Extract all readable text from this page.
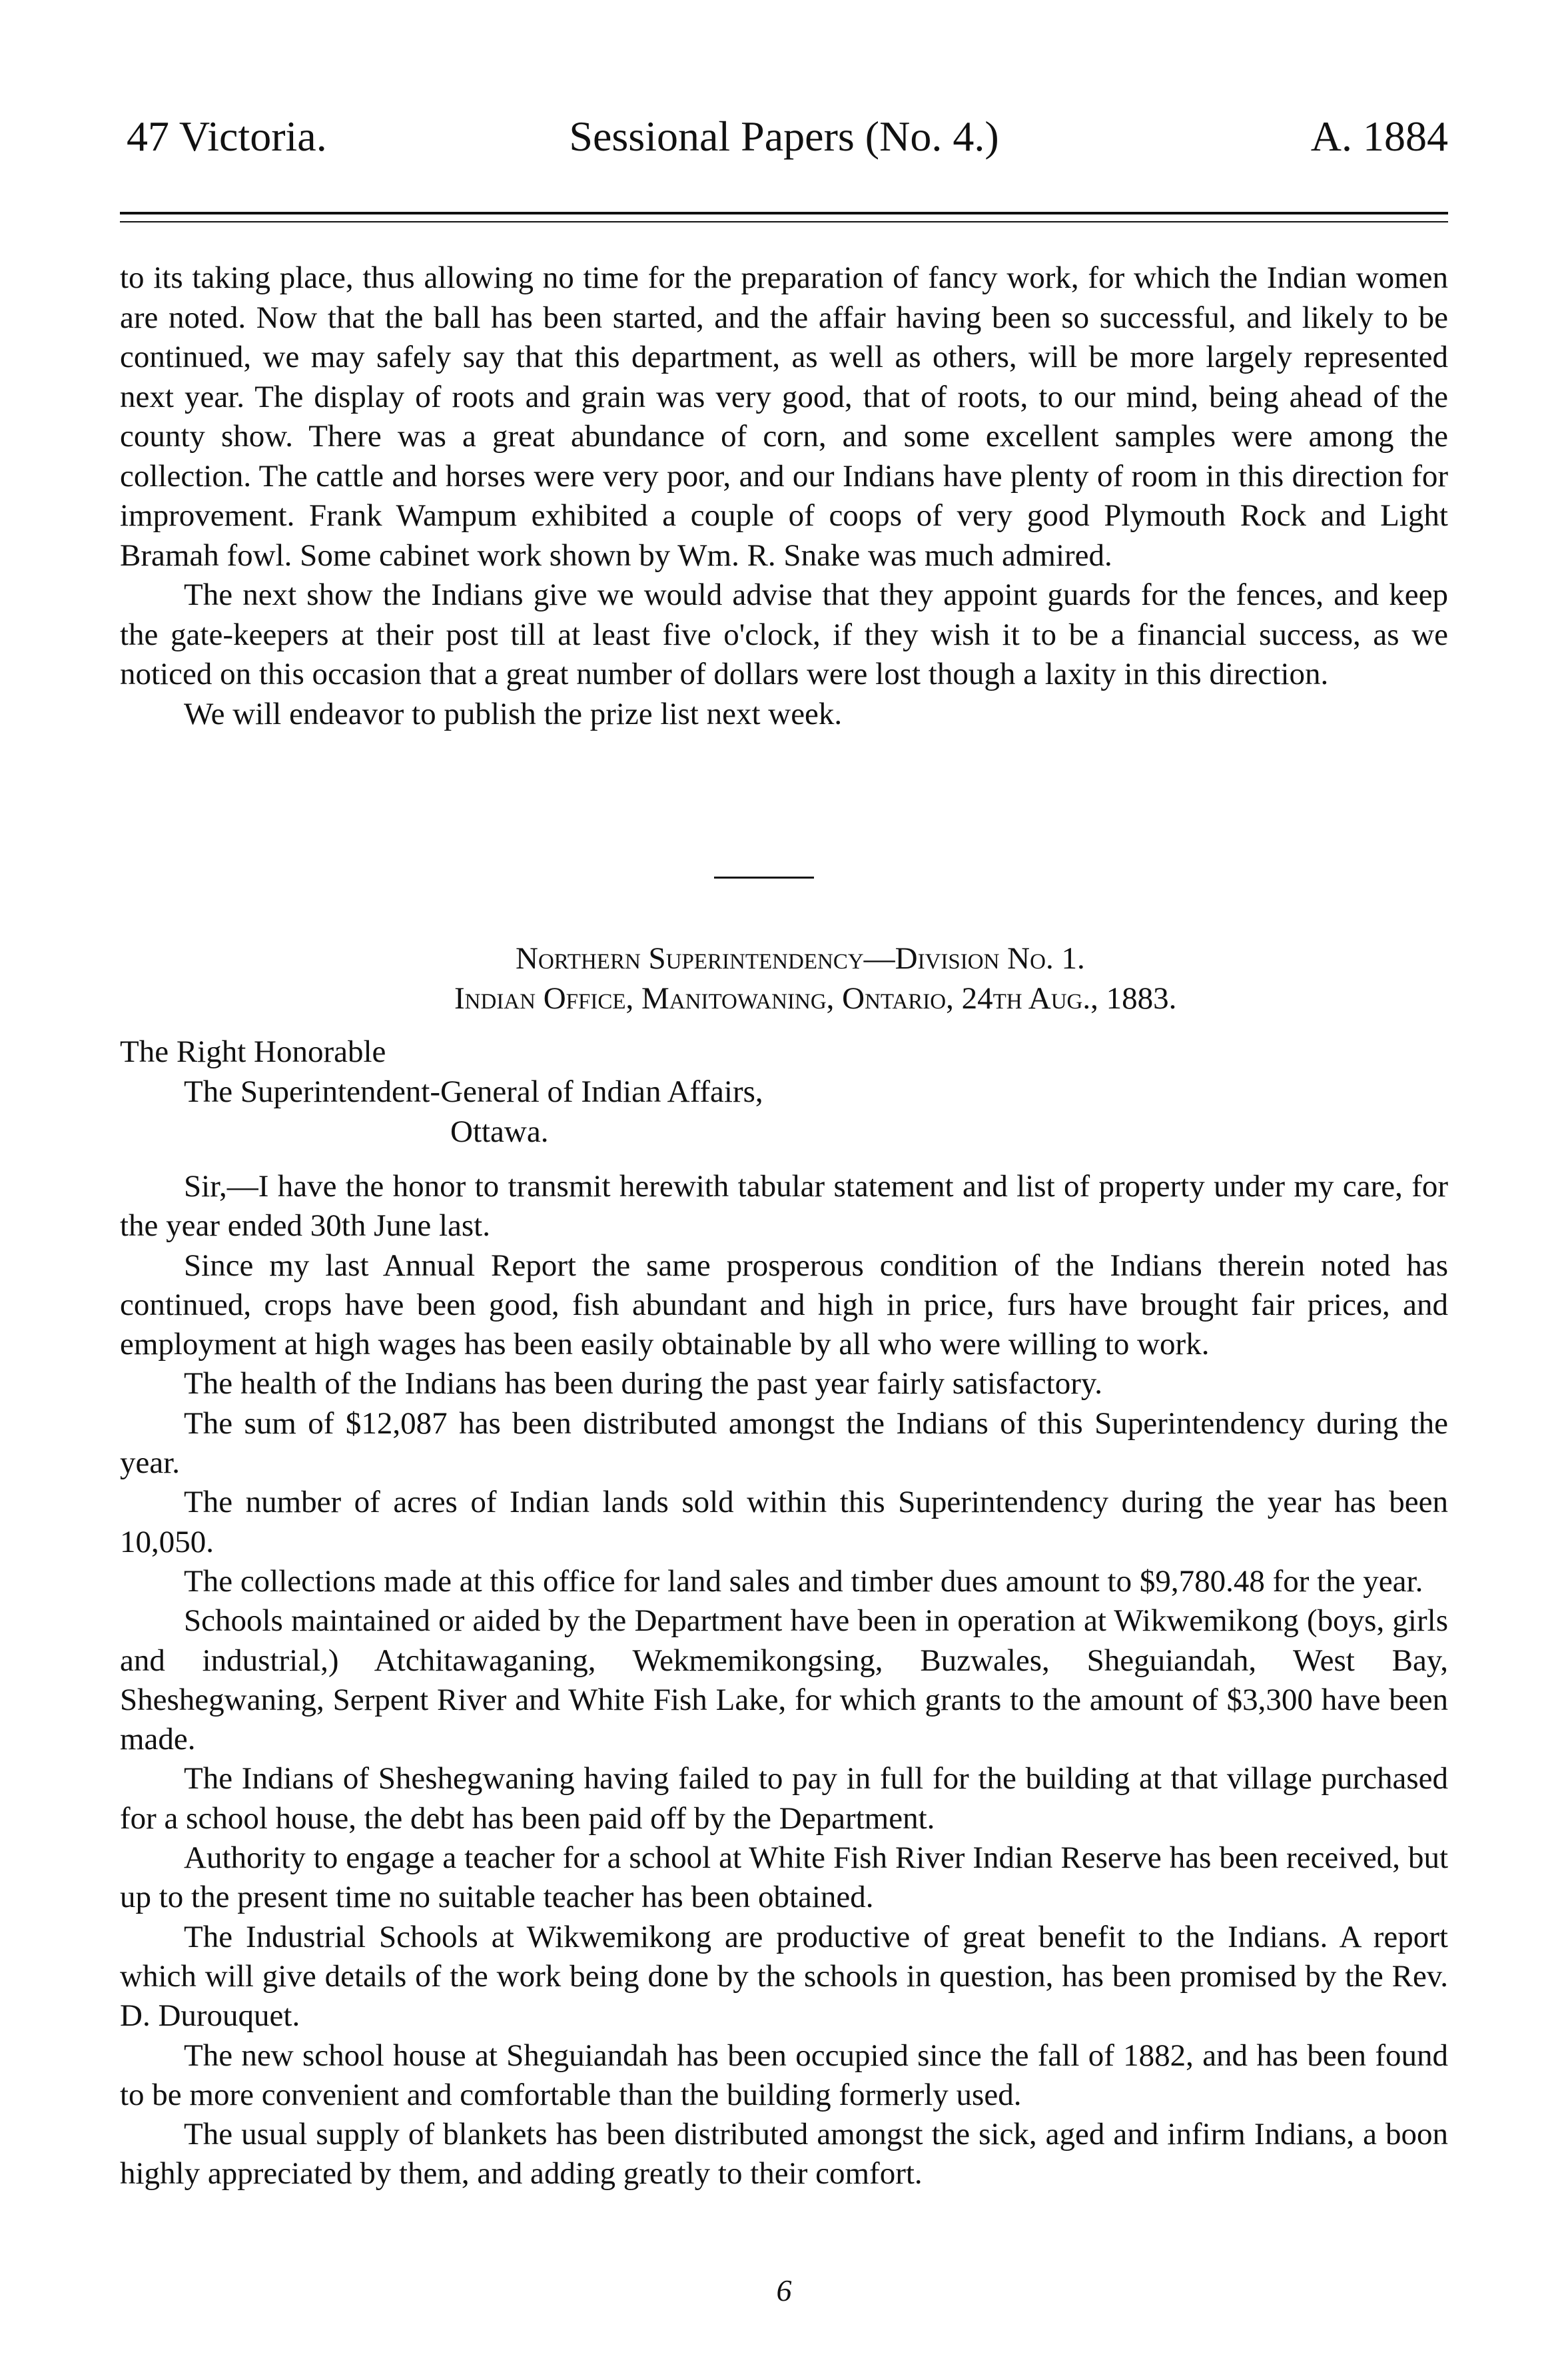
47 Victoria.	Sessional Papers (No. 4.)	A. 1884

to its taking place, thus allowing no time for the preparation of fancy work, for which the Indian women are noted. Now that the ball has been started, and the affair having been so successful, and likely to be continued, we may safely say that this department, as well as others, will be more largely represented next year. The display of roots and grain was very good, that of roots, to our mind, being ahead of the county show. There was a great abundance of corn, and some excellent samples were among the collection. The cattle and horses were very poor, and our Indians have plenty of room in this direction for improvement. Frank Wampum exhibited a couple of coops of very good Plymouth Rock and Light Bramah fowl. Some cabinet work shown by Wm. R. Snake was much admired.

The next show the Indians give we would advise that they appoint guards for the fences, and keep the gate-keepers at their post till at least five o'clock, if they wish it to be a financial success, as we noticed on this occasion that a great number of dollars were lost though a laxity in this direction.

We will endeavor to publish the prize list next week.

Northern Superintendency—Division No. 1.
Indian Office, Manitowaning, Ontario, 24th Aug., 1883.
The Right Honorable
The Superintendent-General of Indian Affairs,
Ottawa.

Sir,—I have the honor to transmit herewith tabular statement and list of property under my care, for the year ended 30th June last.

Since my last Annual Report the same prosperous condition of the Indians therein noted has continued, crops have been good, fish abundant and high in price, furs have brought fair prices, and employment at high wages has been easily obtainable by all who were willing to work.

The health of the Indians has been during the past year fairly satisfactory.

The sum of $12,087 has been distributed amongst the Indians of this Superintendency during the year.

The number of acres of Indian lands sold within this Superintendency during the year has been 10,050.

The collections made at this office for land sales and timber dues amount to $9,780.48 for the year.

Schools maintained or aided by the Department have been in operation at Wikwemikong (boys, girls and industrial,) Atchitawaganing, Wekmemikongsing, Buzwales, Sheguiandah, West Bay, Sheshegwaning, Serpent River and White Fish Lake, for which grants to the amount of $3,300 have been made.

The Indians of Sheshegwaning having failed to pay in full for the building at that village purchased for a school house, the debt has been paid off by the Department.

Authority to engage a teacher for a school at White Fish River Indian Reserve has been received, but up to the present time no suitable teacher has been obtained.

The Industrial Schools at Wikwemikong are productive of great benefit to the Indians. A report which will give details of the work being done by the schools in question, has been promised by the Rev. D. Durouquet.

The new school house at Sheguiandah has been occupied since the fall of 1882, and has been found to be more convenient and comfortable than the building formerly used.

The usual supply of blankets has been distributed amongst the sick, aged and infirm Indians, a boon highly appreciated by them, and adding greatly to their comfort.

6
